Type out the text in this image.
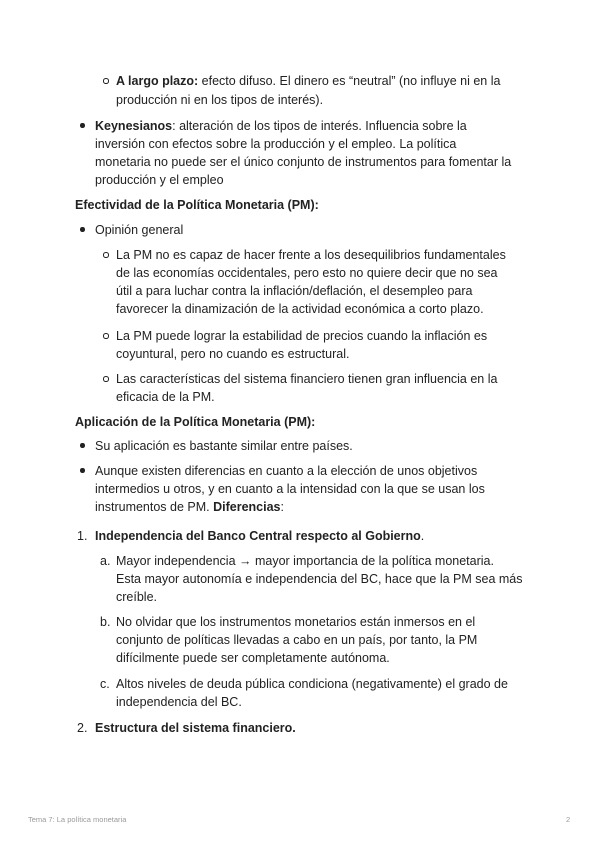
A largo plazo: efecto difuso. El dinero es “neutral” (no influye ni en la
producción ni en los tipos de interés).
Keynesianos: alteración de los tipos de interés. Influencia sobre la
inversión con efectos sobre la producción y el empleo. La política
monetaria no puede ser el único conjunto de instrumentos para fomentar la
producción y el empleo
Efectividad de la Política Monetaria (PM):
Opinión general
La PM no es capaz de hacer frente a los desequilibrios fundamentales
de las economías occidentales, pero esto no quiere decir que no sea
útil a para luchar contra la inflación/deflación, el desempleo para
favorecer la dinamización de la actividad económica a corto plazo.
La PM puede lograr la estabilidad de precios cuando la inflación es
coyuntural, pero no cuando es estructural.
Las características del sistema financiero tienen gran influencia en la
eficacia de la PM.
Aplicación de la Política Monetaria (PM):
Su aplicación es bastante similar entre países.
Aunque existen diferencias en cuanto a la elección de unos objetivos
intermedios u otros, y en cuanto a la intensidad con la que se usan los
instrumentos de PM. Diferencias:
1. Independencia del Banco Central respecto al Gobierno.
a. Mayor independencia → mayor importancia de la política monetaria.
Esta mayor autonomía e independencia del BC, hace que la PM sea más
creíble.
b. No olvidar que los instrumentos monetarios están inmersos en el
conjunto de políticas llevadas a cabo en un país, por tanto, la PM
difícilmente puede ser completamente autónoma.
c. Altos niveles de deuda pública condiciona (negativamente) el grado de
independencia del BC.
2. Estructura del sistema financiero.
Tema 7: La política monetaria	2
